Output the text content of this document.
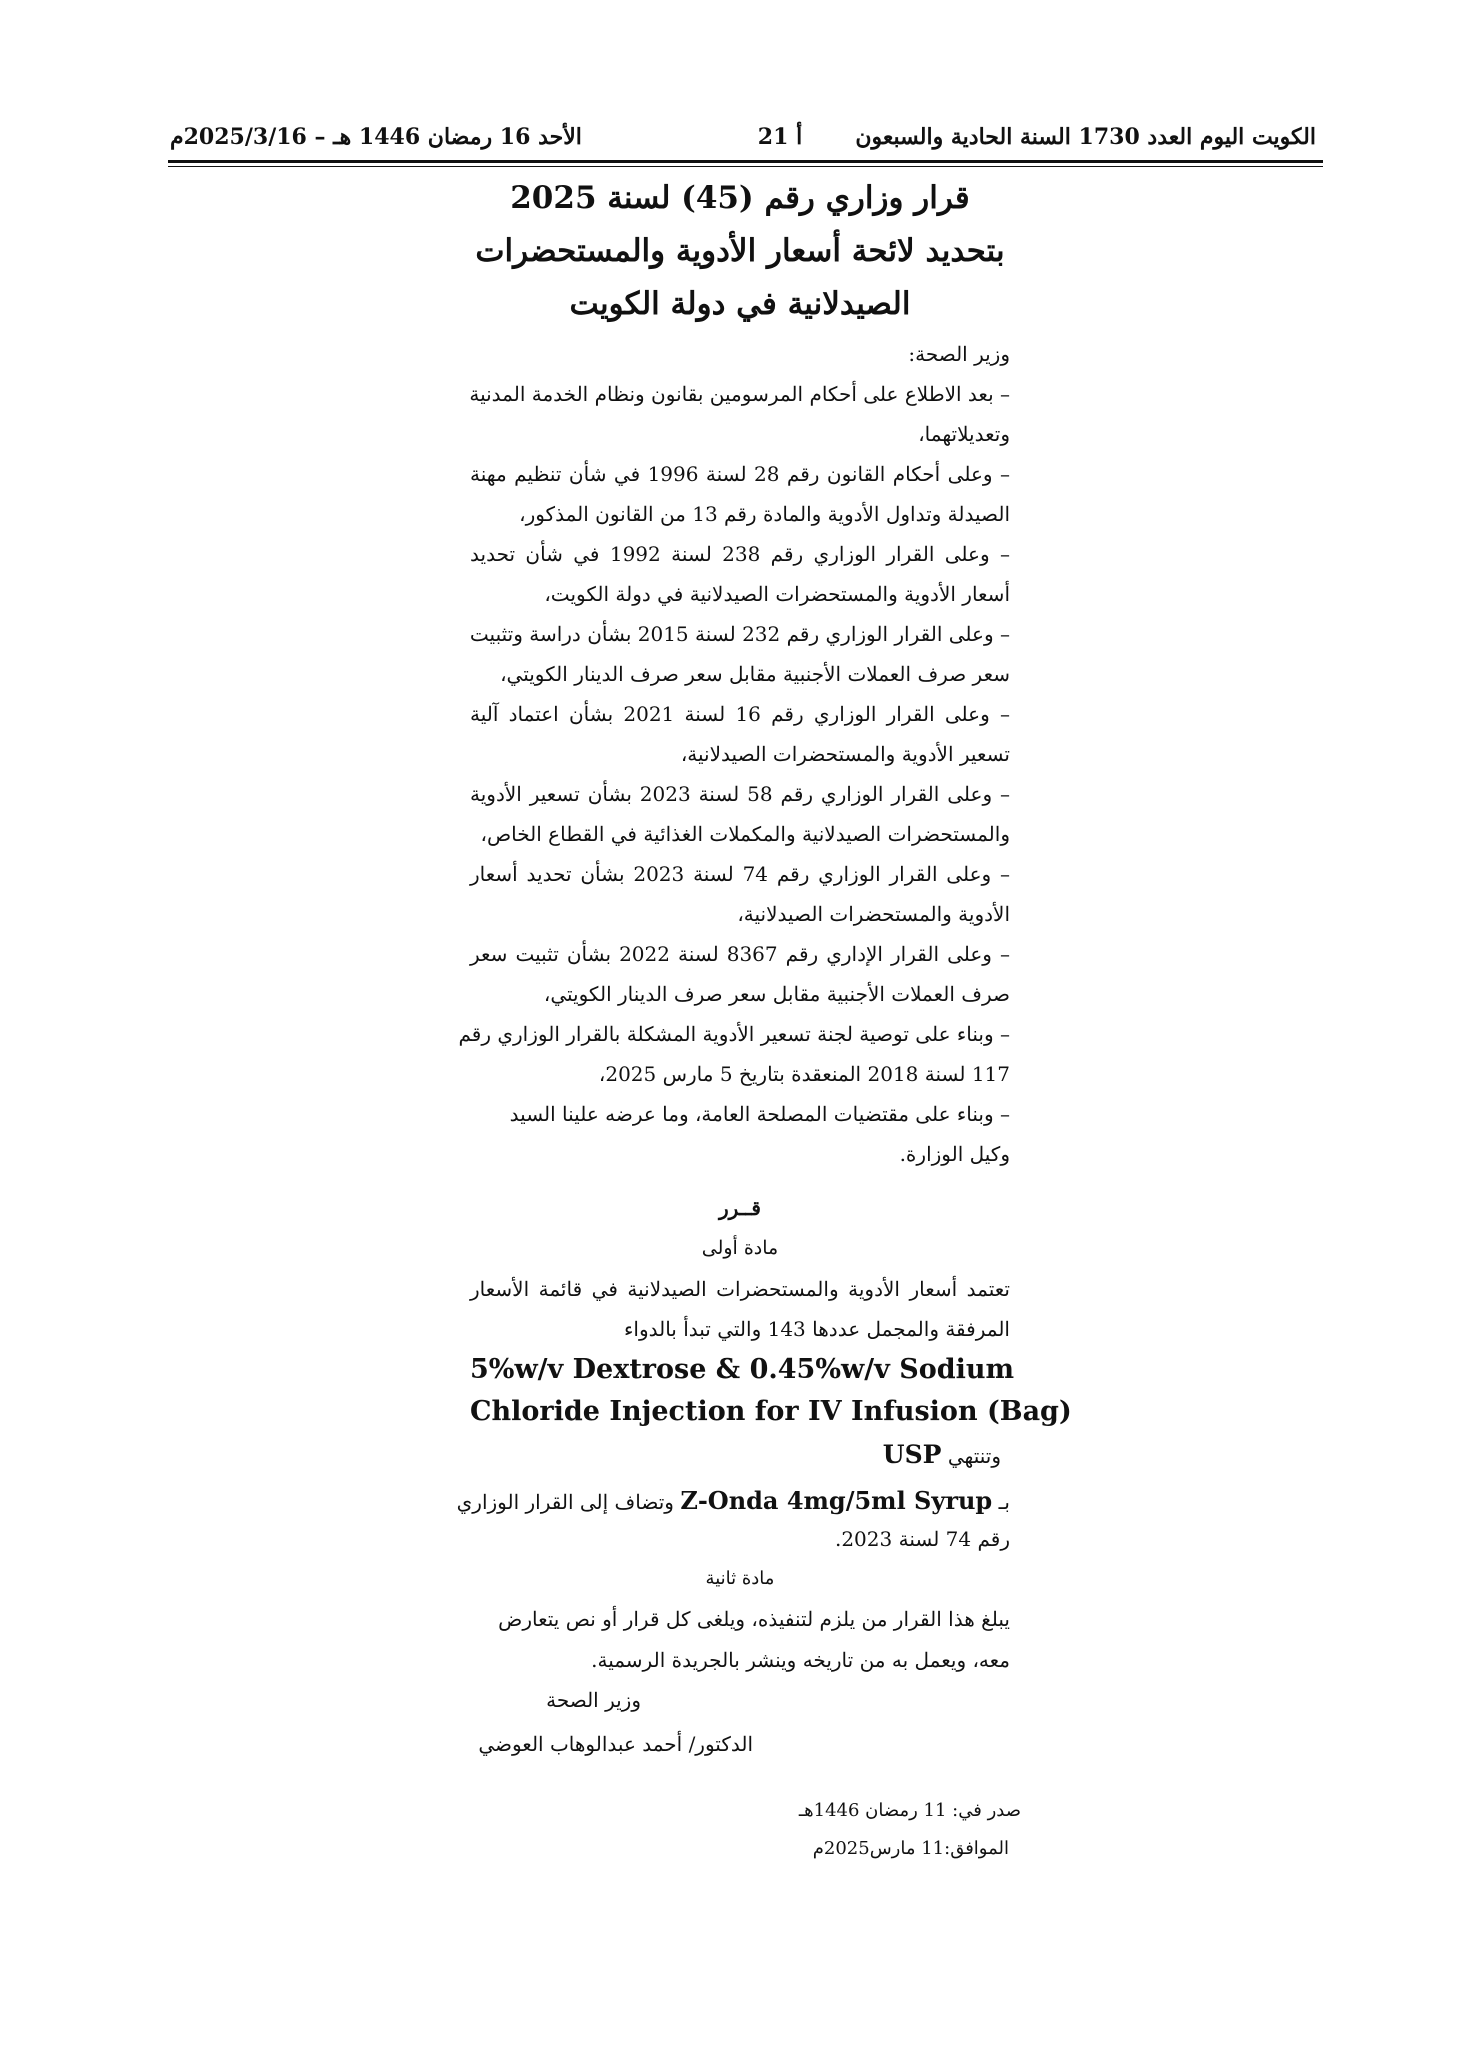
الكويت اليوم العدد 1730 السنة الحادية والسبعون
أ 21
الأحد 16 رمضان 1446 هـ – 2025/3/16م
قرار وزاري رقم (45) لسنة 2025
بتحديد لائحة أسعار الأدوية والمستحضرات
الصيدلانية في دولة الكويت
وزير الصحة:
– بعد الاطلاع على أحكام المرسومين بقانون ونظام الخدمة المدنية
وتعديلاتهما،
– وعلى أحكام القانون رقم 28 لسنة 1996 في شأن تنظيم مهنة
الصيدلة وتداول الأدوية والمادة رقم 13 من القانون المذكور،
– وعلى القرار الوزاري رقم 238 لسنة 1992 في شأن تحديد
أسعار الأدوية والمستحضرات الصيدلانية في دولة الكويت،
– وعلى القرار الوزاري رقم 232 لسنة 2015 بشأن دراسة وتثبيت
سعر صرف العملات الأجنبية مقابل سعر صرف الدينار الكويتي،
– وعلى القرار الوزاري رقم 16 لسنة 2021 بشأن اعتماد آلية
تسعير الأدوية والمستحضرات الصيدلانية،
– وعلى القرار الوزاري رقم 58 لسنة 2023 بشأن تسعير الأدوية
والمستحضرات الصيدلانية والمكملات الغذائية في القطاع الخاص،
– وعلى القرار الوزاري رقم 74 لسنة 2023 بشأن تحديد أسعار
الأدوية والمستحضرات الصيدلانية،
– وعلى القرار الإداري رقم 8367 لسنة 2022 بشأن تثبيت سعر
صرف العملات الأجنبية مقابل سعر صرف الدينار الكويتي،
– وبناء على توصية لجنة تسعير الأدوية المشكلة بالقرار الوزاري رقم
117 لسنة 2018 المنعقدة بتاريخ 5 مارس 2025،
– وبناء على مقتضيات المصلحة العامة، وما عرضه علينا السيد
وكيل الوزارة.
قــرر
مادة أولى
تعتمد أسعار الأدوية والمستحضرات الصيدلانية في قائمة الأسعار
المرفقة والمجمل عددها 143 والتي تبدأ بالدواء
5%w/v Dextrose & 0.45%w/v Sodium
Chloride Injection for IV Infusion (Bag)
وتنتهي USP
بـ Z-Onda 4mg/5ml Syrup وتضاف إلى القرار الوزاري
رقم 74 لسنة 2023.
مادة ثانية
يبلغ هذا القرار من يلزم لتنفيذه، ويلغى كل قرار أو نص يتعارض
معه، ويعمل به من تاريخه وينشر بالجريدة الرسمية.
وزير الصحة
الدكتور/ أحمد عبدالوهاب العوضي
صدر في: 11 رمضان 1446هـ
الموافق:11 مارس2025م
